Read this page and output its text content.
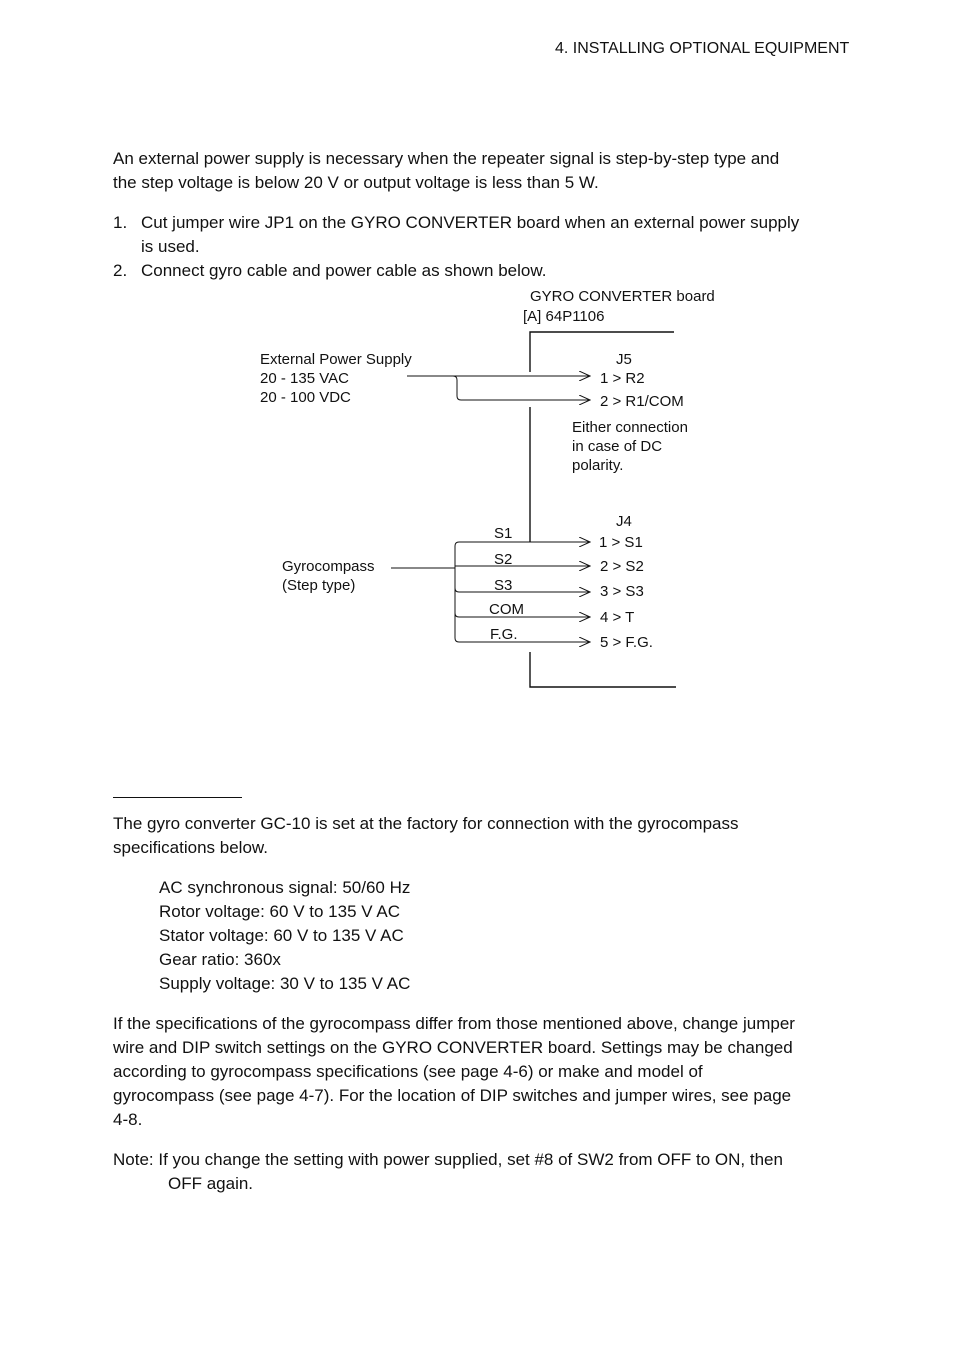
4. INSTALLING OPTIONAL EQUIPMENT
An external power supply is necessary when the repeater signal is step-by-step type and
the step voltage is below 20 V or output voltage is less than 5 W.
1. Cut jumper wire JP1 on the GYRO CONVERTER board when an external power supply
is used.
2. Connect gyro cable and power cable as shown below.
GYRO CONVERTER board
[A] 64P1106
External Power Supply
20 - 135 VAC
20 - 100 VDC
J5
1 > R2
2 > R1/COM
Either connection
in case of DC
polarity.
Gyrocompass
(Step type)
J4
S1
S2
S3
COM
F.G.
1 > S1
2 > S2
3 > S3
4 > T
5 > F.G.
The gyro converter GC-10 is set at the factory for connection with the gyrocompass
specifications below.
AC synchronous signal: 50/60 Hz
Rotor voltage: 60 V to 135 V AC
Stator voltage: 60 V to 135 V AC
Gear ratio: 360x
Supply voltage: 30 V to 135 V AC
If the specifications of the gyrocompass differ from those mentioned above, change jumper
wire and DIP switch settings on the GYRO CONVERTER board. Settings may be changed
according to gyrocompass specifications (see page 4-6) or make and model of
gyrocompass (see page 4-7). For the location of DIP switches and jumper wires, see page
4-8.
Note: If you change the setting with power supplied, set #8 of SW2 from OFF to ON, then
OFF again.
